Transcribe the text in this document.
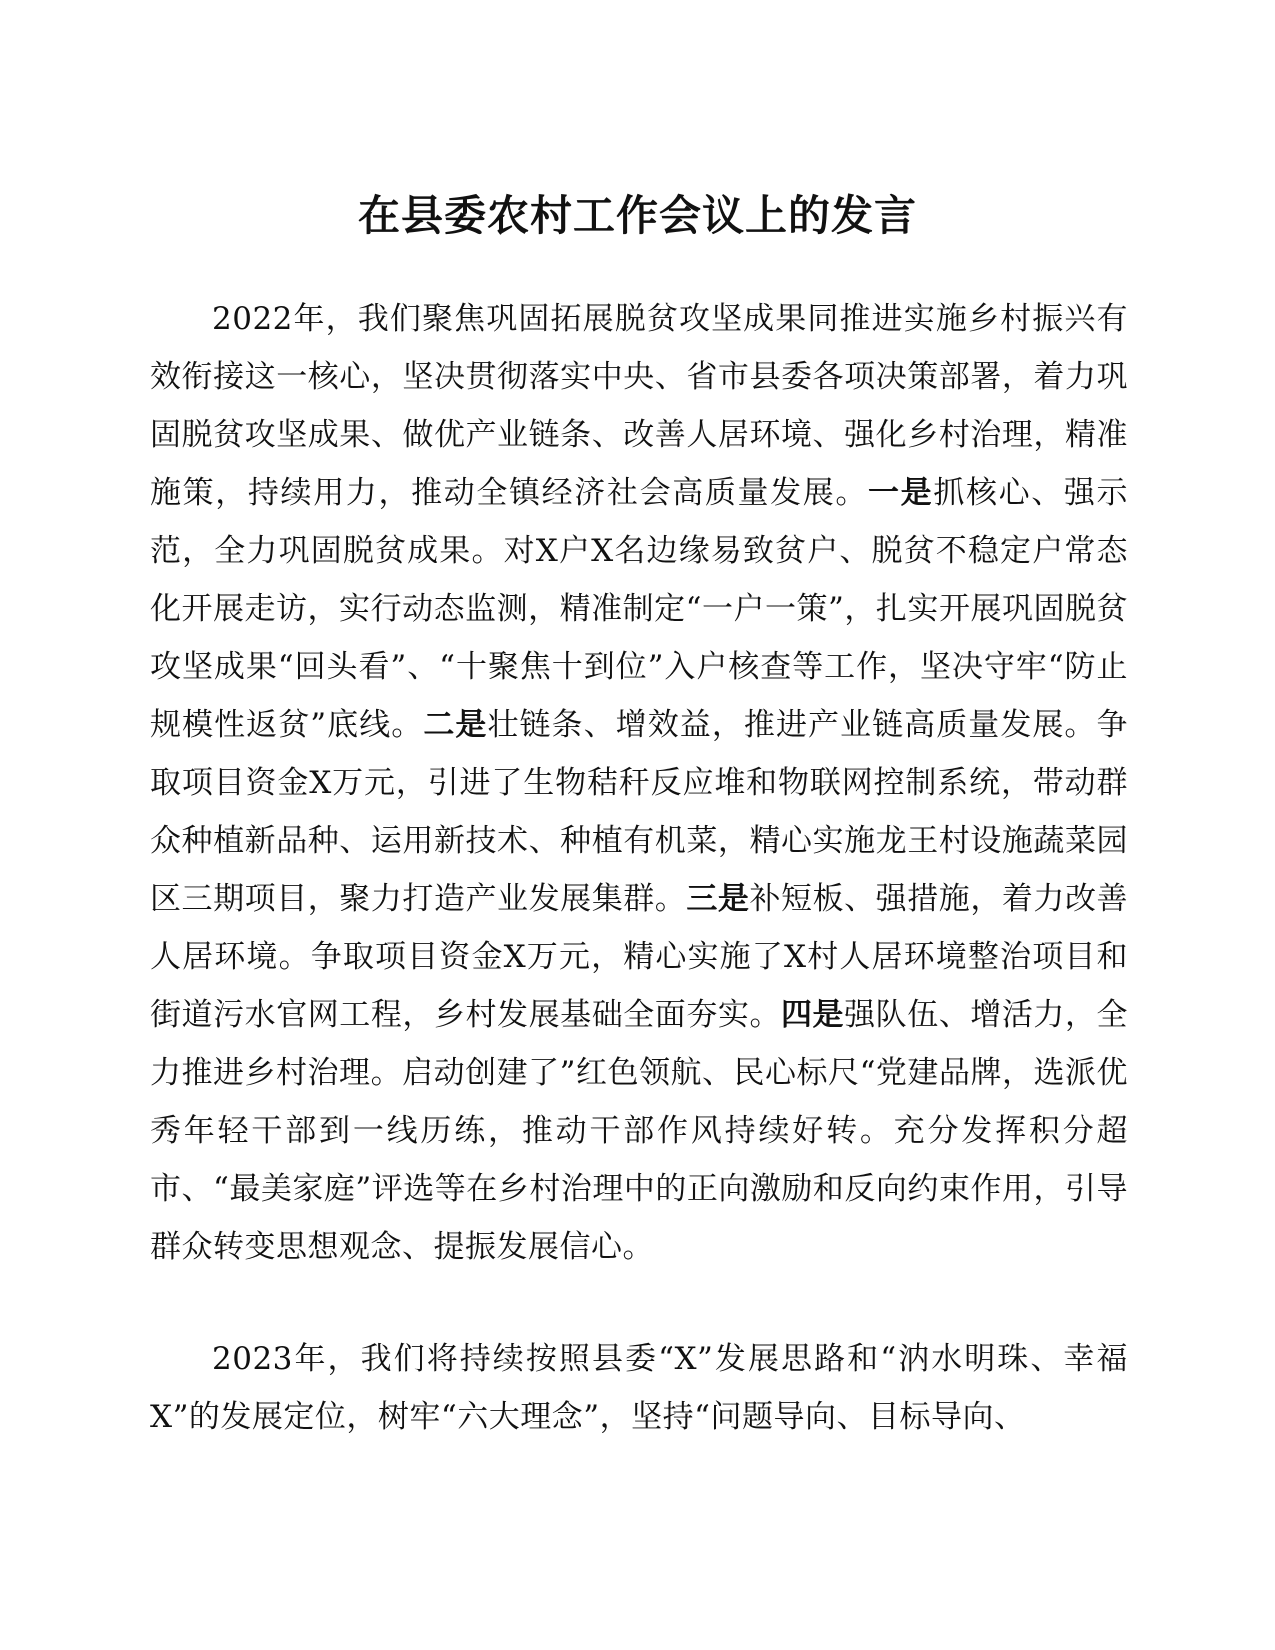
在县委农村工作会议上的发言

2022年，我们聚焦巩固拓展脱贫攻坚成果同推进实施乡村振兴有效衔接这一核心，坚决贯彻落实中央、省市县委各项决策部署，着力巩固脱贫攻坚成果、做优产业链条、改善人居环境、强化乡村治理，精准施策，持续用力，推动全镇经济社会高质量发展。一是抓核心、强示范，全力巩固脱贫成果。对X户X名边缘易致贫户、脱贫不稳定户常态化开展走访，实行动态监测，精准制定“一户一策”，扎实开展巩固脱贫攻坚成果“回头看”、“十聚焦十到位”入户核查等工作，坚决守牢“防止规模性返贫”底线。二是壮链条、增效益，推进产业链高质量发展。争取项目资金X万元，引进了生物秸秆反应堆和物联网控制系统，带动群众种植新品种、运用新技术、种植有机菜，精心实施龙王村设施蔬菜园区三期项目，聚力打造产业发展集群。三是补短板、强措施，着力改善人居环境。争取项目资金X万元，精心实施了X村人居环境整治项目和街道污水官网工程，乡村发展基础全面夯实。四是强队伍、增活力，全力推进乡村治理。启动创建了”红色领航、民心标尺“党建品牌，选派优秀年轻干部到一线历练，推动干部作风持续好转。充分发挥积分超市、“最美家庭”评选等在乡村治理中的正向激励和反向约束作用，引导群众转变思想观念、提振发展信心。

2023年，我们将持续按照县委“X”发展思路和“汭水明珠、幸福X”的发展定位，树牢“六大理念”，坚持“问题导向、目标导向、
